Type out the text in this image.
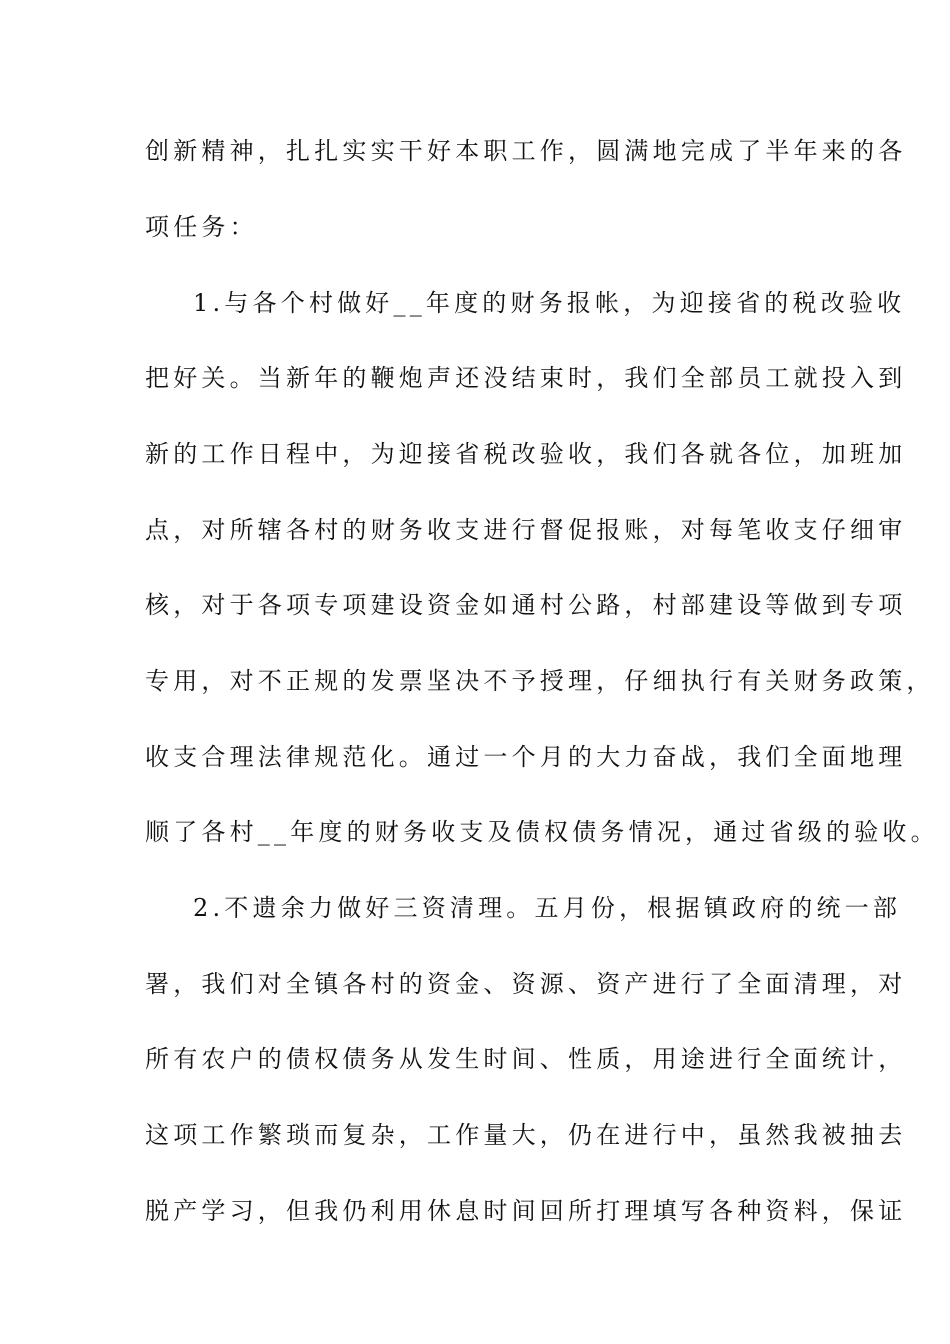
创新精神，扎扎实实干好本职工作，圆满地完成了半年来的各
项任务：
1.与各个村做好__年度的财务报帐，为迎接省的税改验收
把好关。当新年的鞭炮声还没结束时，我们全部员工就投入到
新的工作日程中，为迎接省税改验收，我们各就各位，加班加
点，对所辖各村的财务收支进行督促报账，对每笔收支仔细审
核，对于各项专项建设资金如通村公路，村部建设等做到专项
专用，对不正规的发票坚决不予授理，仔细执行有关财务政策，
收支合理法律规范化。通过一个月的大力奋战，我们全面地理
顺了各村__年度的财务收支及债权债务情况，通过省级的验收。
2.不遗余力做好三资清理。五月份，根据镇政府的统一部
署，我们对全镇各村的资金、资源、资产进行了全面清理，对
所有农户的债权债务从发生时间、性质，用途进行全面统计，
这项工作繁琐而复杂，工作量大，仍在进行中，虽然我被抽去
脱产学习，但我仍利用休息时间回所打理填写各种资料，保证
